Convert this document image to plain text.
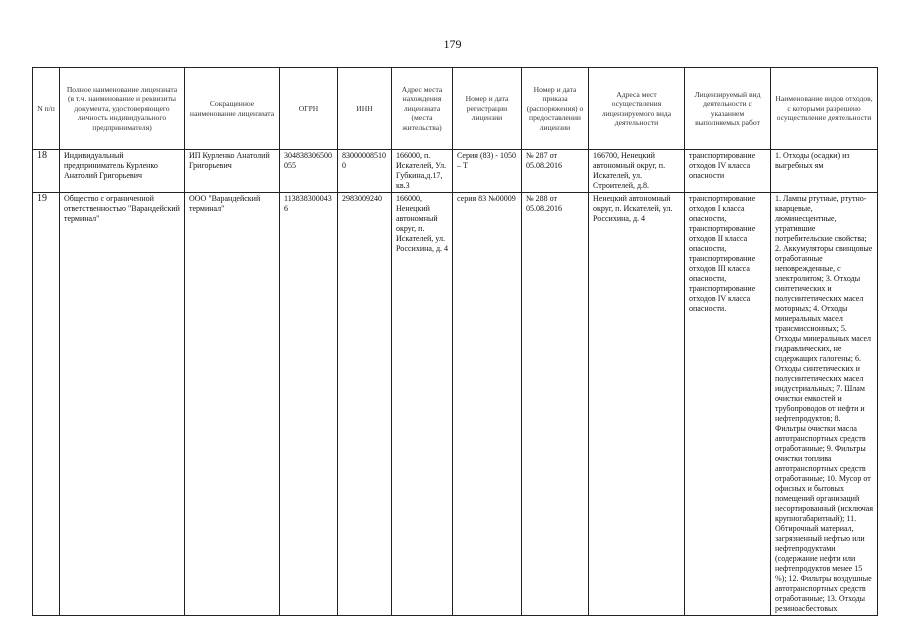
179
N п/п	Полное наименование лицензиата (в т.ч. наименование и реквизиты документа, удостоверяющего личность индивидуального предпринимателя)	Сокращенное наименование лицензиата	ОГРН	ИНН	Адрес места нахождения лицензиата (места жительства)	Номер и дата регистрации лицензии	Номер и дата приказа (распоряжения) о предоставлении лицензии	Адреса мест осуществления лицензируемого вида деятельности	Лицензируемый вид деятельности с указанием выполняемых работ	Наименование видов отходов, с которыми разрешено осуществление деятельности
18	Индивидуальный предприниматель Курленко Анатолий Григорьевич	ИП Курленко Анатолий Григорьевич	304838306500055	830000085100	166000, п. Искателей, Ул. Губкина,д.17, кв.3	Серия (83) - 1050 – Т	№ 287 от 05.08.2016	166700, Ненецкий автономный округ, п. Искателей, ул. Строителей, д.8.	транспортирование отходов IV класса опасности	1. Отходы (осадки) из выгребных ям
19	Общество с ограниченной ответственностью "Варандейский терминал"	ООО "Варандейский терминал"	1138383000436	2983009240	166000, Ненецкий автономный округ, п. Искателей, ул. Россихина, д. 4	серия 83 №00009	№ 288 от 05.08.2016	Ненецкий автономный округ, п. Искателей, ул. Россихина, д. 4	транспортирование отходов I класса опасности, транспортирование отходов II класса опасности, транспортирование отходов III класса опасности, транспортирование отходов IV класса опасности.	1. Лампы ртутные, ртутно-кварцевые, люминесцентные, утратившие потребительские свойства; 2. Аккумуляторы свинцовые отработанные неповрежденные, с электролитом; 3. Отходы синтетических и полусинтетических масел моторных; 4. Отходы минеральных масел трансмиссионных; 5. Отходы минеральных масел гидравлических, не содержащих галогены; 6. Отходы синтетических и полусинтетических масел индустриальных; 7. Шлам очистки емкостей и трубопроводов от нефти и нефтепродуктов; 8. Фильтры очистки масла автотранспортных средств отработанные; 9. Фильтры очистки топлива автотранспортных средств отработанные; 10. Мусор от офисных и бытовых помещений организаций несортированный (исключая крупногабаритный); 11. Обтирочный материал, загрязненный нефтью или нефтепродуктами (содержание нефти или нефтепродуктов менее 15 %); 12. Фильтры воздушные автотранспортных средств отработанные; 13. Отходы резиноасбестовых
